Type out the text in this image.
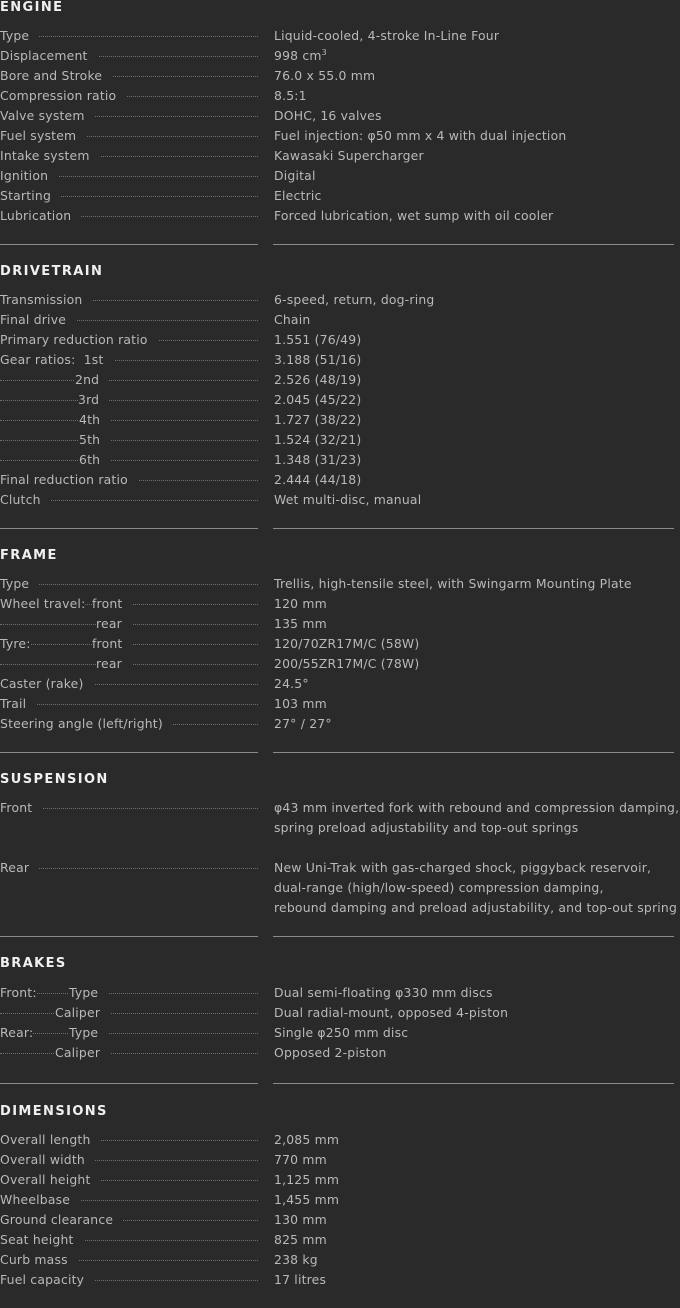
ENGINE
Type	Liquid-cooled, 4-stroke In-Line Four
Displacement	998 $cm^3$
Bore and Stroke	76.0 x 55.0 mm
Compression ratio	8.5:1
Valve system	DOHC, 16 valves
Fuel system	Fuel injection: φ50 mm x 4 with dual injection
Intake system	Kawasaki Supercharger
Ignition	Digital
Starting	Electric
Lubrication	Forced lubrication, wet sump with oil cooler
DRIVETRAIN
Transmission	6-speed, return, dog-ring
Final drive	Chain
Primary reduction ratio	1.551 (76/49)
Gear ratios:  1st	3.188 (51/16)
2nd	2.526 (48/19)
3rd	2.045 (45/22)
4th	1.727 (38/22)
5th	1.524 (32/21)
6th	1.348 (31/23)
Final reduction ratio	2.444 (44/18)
Clutch	Wet multi-disc, manual
FRAME
Type	Trellis, high-tensile steel, with Swingarm Mounting Plate
Wheel travel: front	120 mm
rear	135 mm
Tyre:	front	120/70ZR17M/C (58W)
rear	200/55ZR17M/C (78W)
Caster (rake)	24.5°
Trail	103 mm
Steering angle (left/right)	27° / 27°
SUSPENSION
Front	φ43 mm inverted fork with rebound and compression damping,
spring preload adjustability and top-out springs
Rear	New Uni-Trak with gas-charged shock, piggyback reservoir,
dual-range (high/low-speed) compression damping,
rebound damping and preload adjustability, and top-out spring
BRAKES
Front:	Type	Dual semi-floating φ330 mm discs
Caliper	Dual radial-mount, opposed 4-piston
Rear:	Type	Single φ250 mm disc
Caliper	Opposed 2-piston
DIMENSIONS
Overall length	2,085 mm
Overall width	770 mm
Overall height	1,125 mm
Wheelbase	1,455 mm
Ground clearance	130 mm
Seat height	825 mm
Curb mass	238 kg
Fuel capacity	17 litres
